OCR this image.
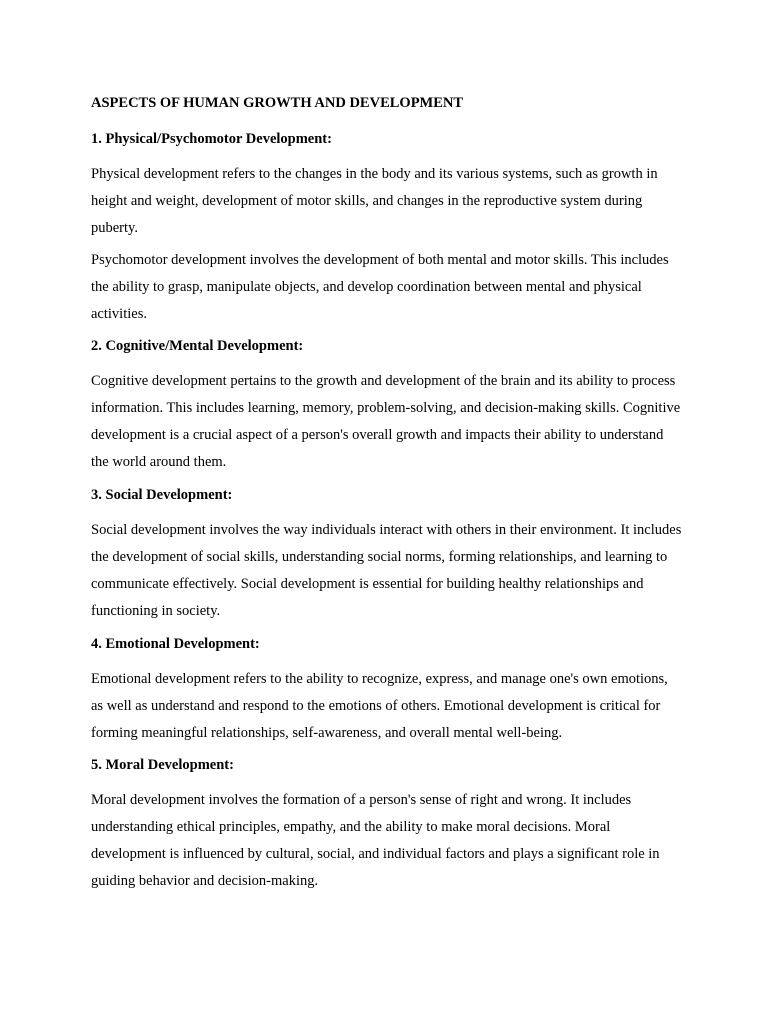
ASPECTS OF HUMAN GROWTH AND DEVELOPMENT
1. Physical/Psychomotor Development:

Physical development refers to the changes in the body and its various systems, such as growth in height and weight, development of motor skills, and changes in the reproductive system during puberty.

Psychomotor development involves the development of both mental and motor skills. This includes the ability to grasp, manipulate objects, and develop coordination between mental and physical activities.

2. Cognitive/Mental Development:

Cognitive development pertains to the growth and development of the brain and its ability to process information. This includes learning, memory, problem-solving, and decision-making skills. Cognitive development is a crucial aspect of a person's overall growth and impacts their ability to understand the world around them.

3. Social Development:

Social development involves the way individuals interact with others in their environment. It includes the development of social skills, understanding social norms, forming relationships, and learning to communicate effectively. Social development is essential for building healthy relationships and functioning in society.

4. Emotional Development:

Emotional development refers to the ability to recognize, express, and manage one's own emotions, as well as understand and respond to the emotions of others. Emotional development is critical for forming meaningful relationships, self-awareness, and overall mental well-being.

5. Moral Development:

Moral development involves the formation of a person's sense of right and wrong. It includes understanding ethical principles, empathy, and the ability to make moral decisions. Moral development is influenced by cultural, social, and individual factors and plays a significant role in guiding behavior and decision-making.
